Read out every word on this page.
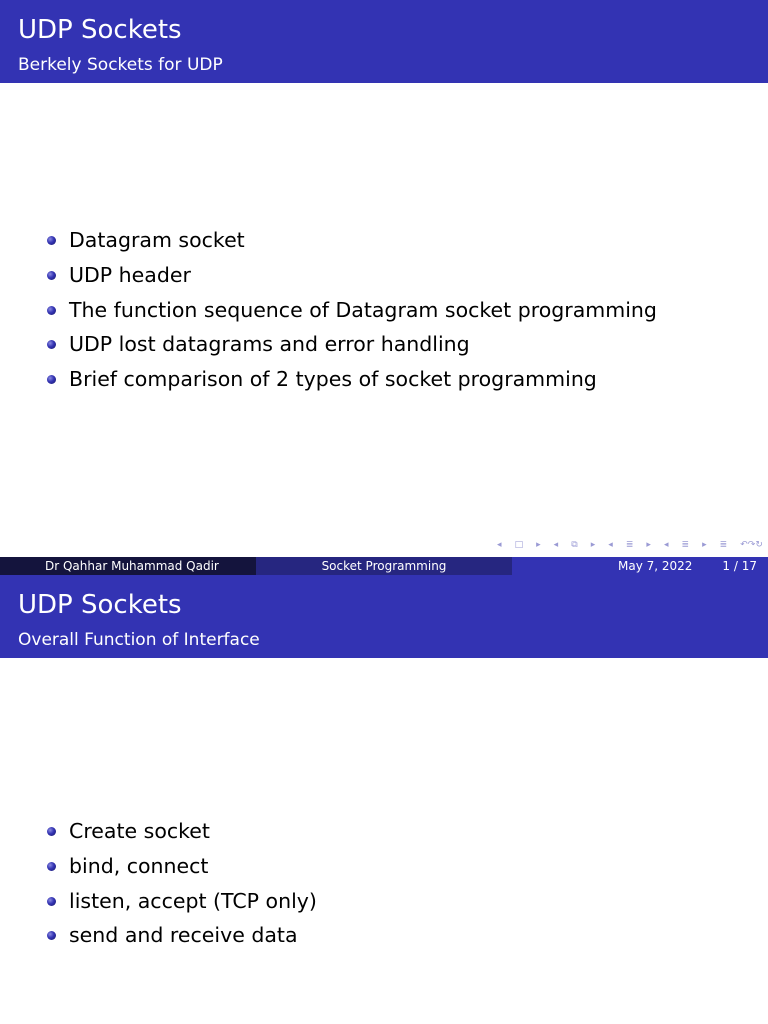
UDP Sockets
Berkely Sockets for UDP
Datagram socket
UDP header
The function sequence of Datagram socket programming
UDP lost datagrams and error handling
Brief comparison of 2 types of socket programming
◂ □ ▸ ◂ ⧉ ▸ ◂ ≣ ▸ ◂ ≣ ▸ ≣ ↶↷↻
Dr Qahhar Muhammad Qadir	Socket Programming	May 7, 2022	1 / 17
UDP Sockets
Overall Function of Interface
Create socket
bind, connect
listen, accept (TCP only)
send and receive data
